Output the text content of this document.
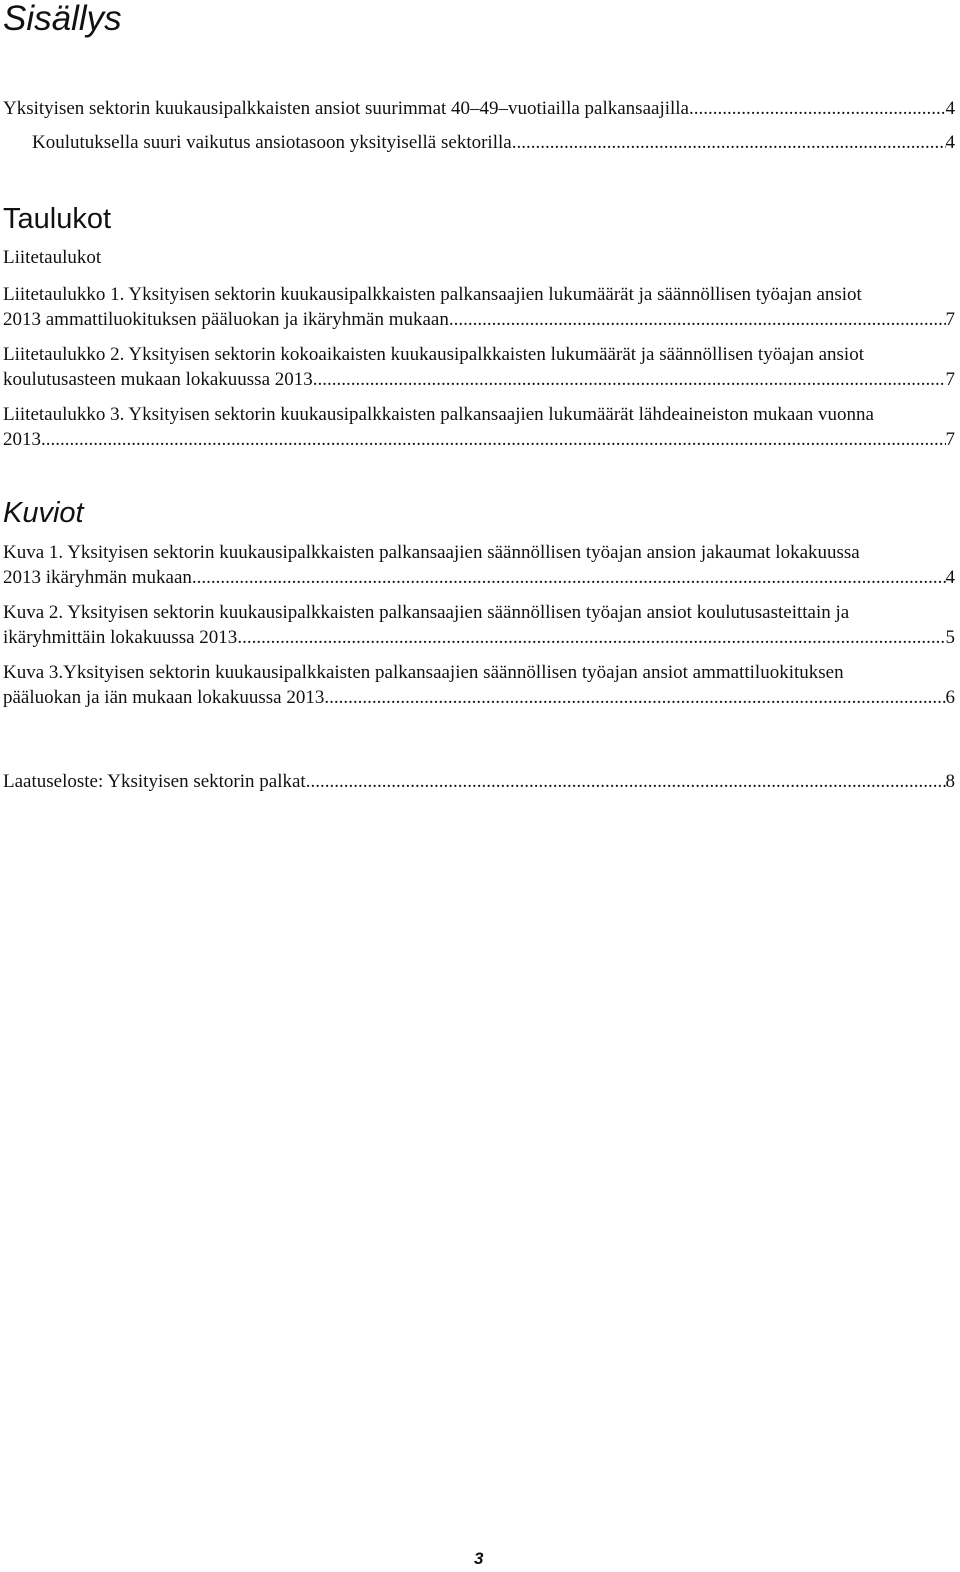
Sisällys
Yksityisen sektorin kuukausipalkkaisten ansiot suurimmat 40–49–vuotiailla palkansaajilla .....	4
Koulutuksella suuri vaikutus ansiotasoon yksityisellä sektorilla .....	4
Taulukot
Liitetaulukot
Liitetaulukko 1. Yksityisen sektorin kuukausipalkkaisten palkansaajien lukumäärät ja säännöllisen työajan ansiot
2013 ammattiluokituksen pääluokan ja ikäryhmän mukaan .....	7
Liitetaulukko 2. Yksityisen sektorin kokoaikaisten kuukausipalkkaisten lukumäärät ja säännöllisen työajan ansiot
koulutusasteen mukaan lokakuussa 2013 .....	7
Liitetaulukko 3. Yksityisen sektorin kuukausipalkkaisten palkansaajien lukumäärät lähdeaineiston mukaan vuonna
2013 .....	7
Kuviot
Kuva 1. Yksityisen sektorin kuukausipalkkaisten palkansaajien säännöllisen työajan ansion jakaumat lokakuussa
2013 ikäryhmän mukaan .....	4
Kuva 2. Yksityisen sektorin kuukausipalkkaisten palkansaajien säännöllisen työajan ansiot koulutusasteittain ja
ikäryhmittäin lokakuussa 2013 .....	5
Kuva 3.Yksityisen sektorin kuukausipalkkaisten palkansaajien säännöllisen työajan ansiot ammattiluokituksen
pääluokan ja iän mukaan lokakuussa 2013 .....	6
Laatuseloste: Yksityisen sektorin palkat .....	8
3
